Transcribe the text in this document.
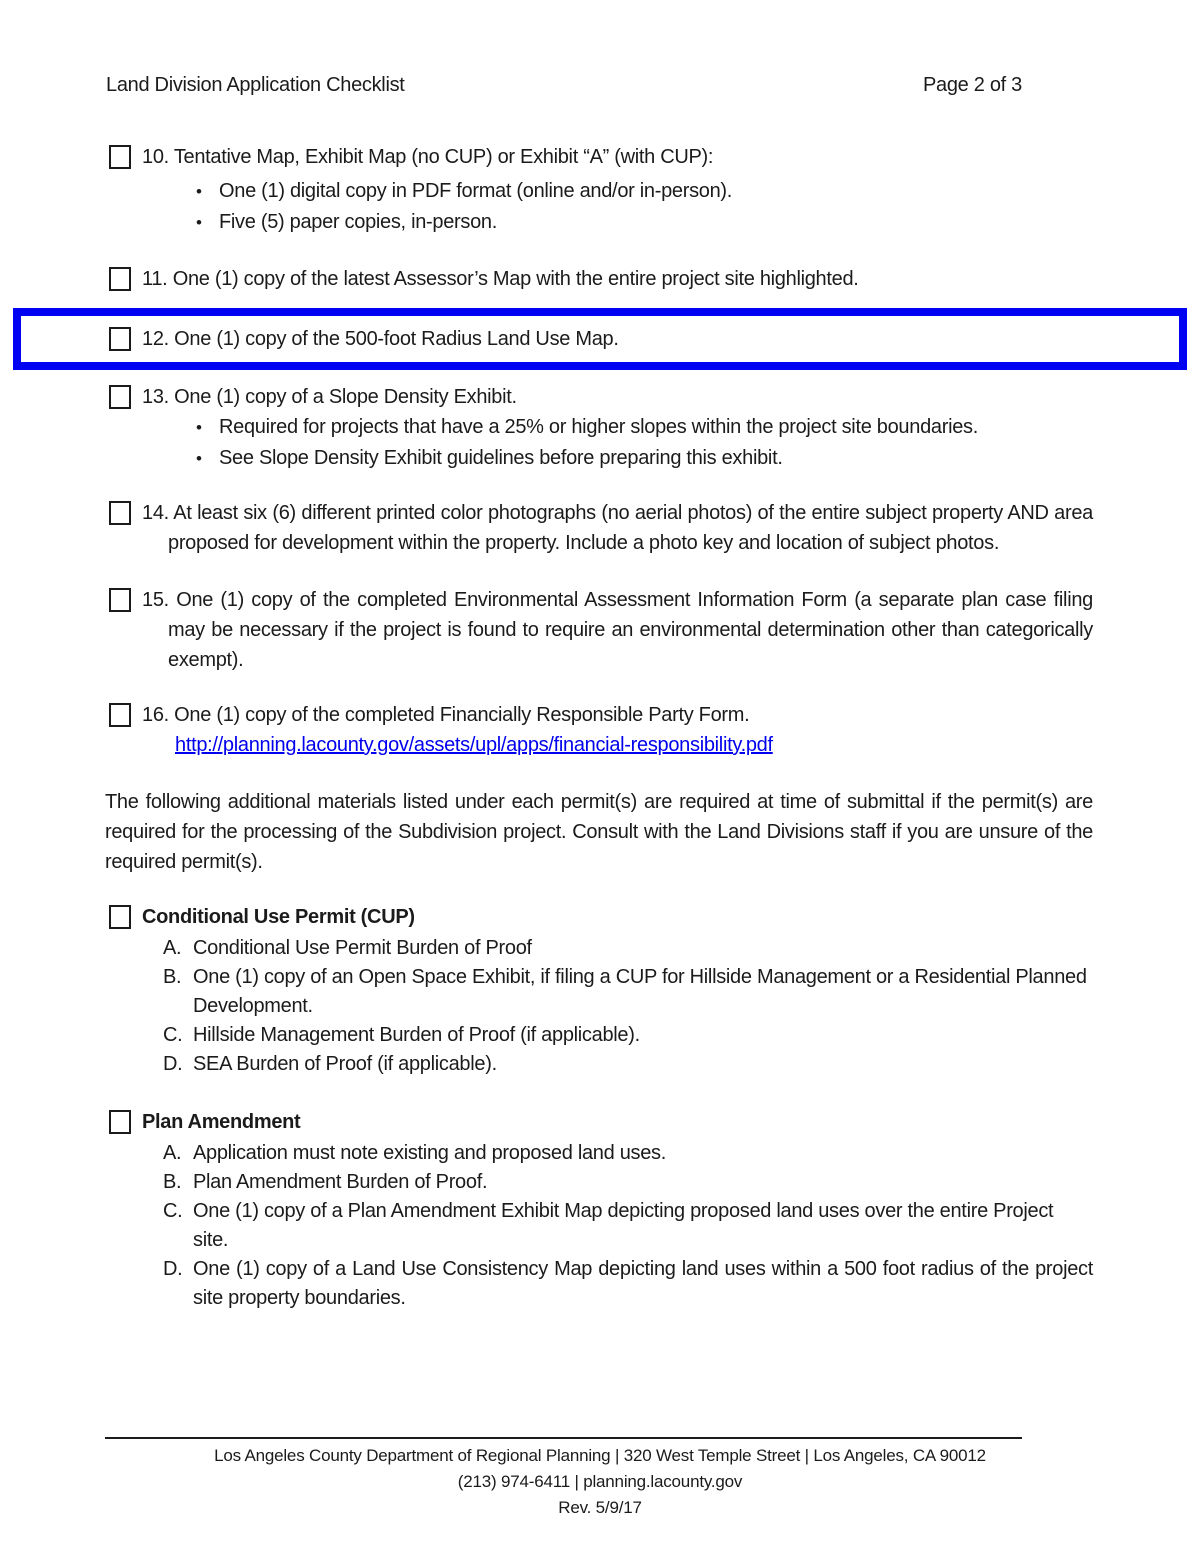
Land Division Application Checklist	Page 2 of 3
10. Tentative Map, Exhibit Map (no CUP) or Exhibit “A” (with CUP):
• One (1) digital copy in PDF format (online and/or in-person).
• Five (5) paper copies, in-person.
11. One (1) copy of the latest Assessor’s Map with the entire project site highlighted.
12. One (1) copy of the 500-foot Radius Land Use Map.
13. One (1) copy of a Slope Density Exhibit.
• Required for projects that have a 25% or higher slopes within the project site boundaries.
• See Slope Density Exhibit guidelines before preparing this exhibit.
14. At least six (6) different printed color photographs (no aerial photos) of the entire subject property AND area proposed for development within the property. Include a photo key and location of subject photos.
15. One (1) copy of the completed Environmental Assessment Information Form (a separate plan case filing may be necessary if the project is found to require an environmental determination other than categorically exempt).
16. One (1) copy of the completed Financially Responsible Party Form.
http://planning.lacounty.gov/assets/upl/apps/financial-responsibility.pdf
The following additional materials listed under each permit(s) are required at time of submittal if the permit(s) are required for the processing of the Subdivision project. Consult with the Land Divisions staff if you are unsure of the required permit(s).
Conditional Use Permit (CUP)
A. Conditional Use Permit Burden of Proof
B. One (1) copy of an Open Space Exhibit, if filing a CUP for Hillside Management or a Residential Planned Development.
C. Hillside Management Burden of Proof (if applicable).
D. SEA Burden of Proof (if applicable).
Plan Amendment
A. Application must note existing and proposed land uses.
B. Plan Amendment Burden of Proof.
C. One (1) copy of a Plan Amendment Exhibit Map depicting proposed land uses over the entire Project site.
D. One (1) copy of a Land Use Consistency Map depicting land uses within a 500 foot radius of the project site property boundaries.
Los Angeles County Department of Regional Planning | 320 West Temple Street | Los Angeles, CA 90012
(213) 974-6411 | planning.lacounty.gov
Rev. 5/9/17
